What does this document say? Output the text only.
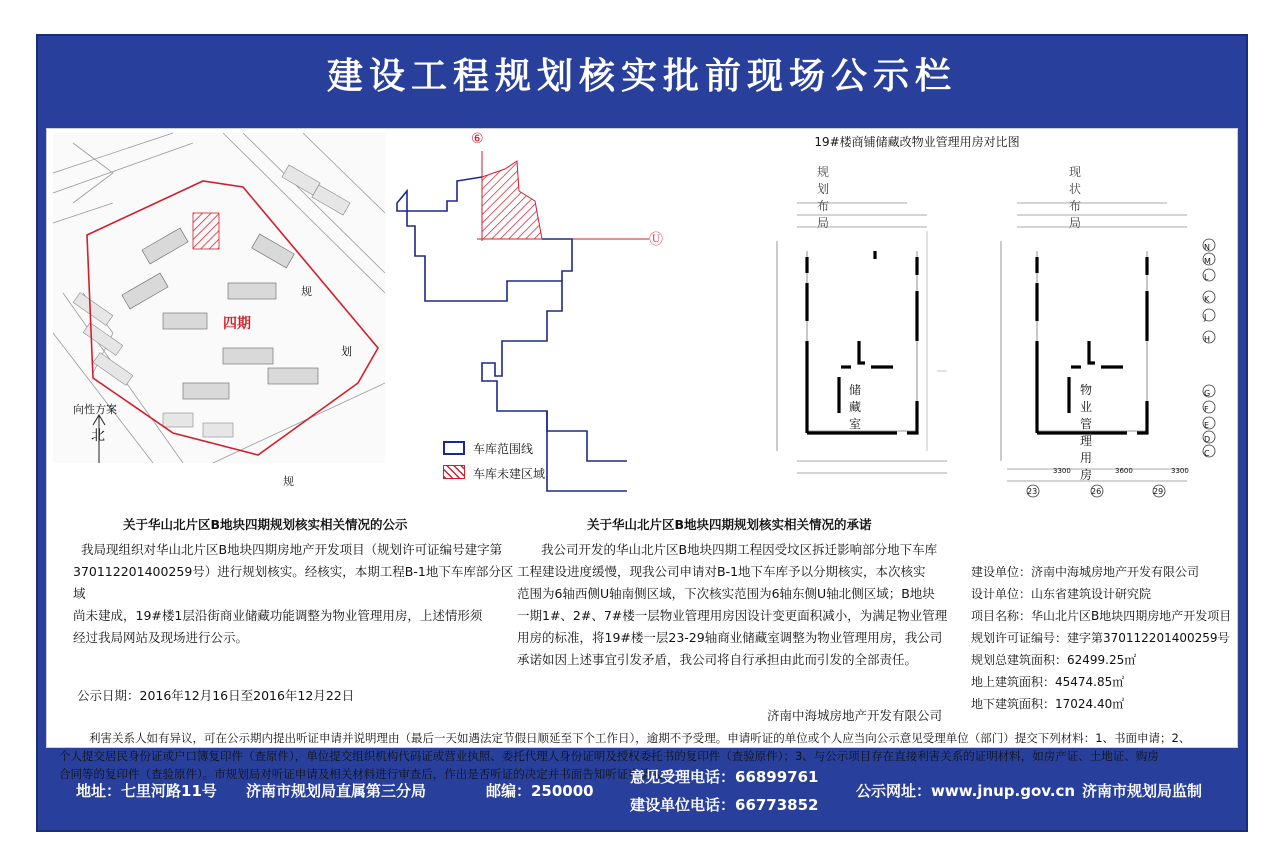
建设工程规划核实批前现场公示栏
四期
向性方案
北
规
划
规
⑥
Ⓤ
车库范围线
车库未建区域
19#楼商铺储藏改物业管理用房对比图
规划布局
储藏室
现状布局
物业管理用房
N
M
L
K
J
H
G
F
E
D
C
23	26	29
3300	3600	3300
关于华山北片区B地块四期规划核实相关情况的公示
我局现组织对华山北片区B地块四期房地产开发项目（规划许可证编号建字第
370112201400259号）进行规划核实。经核实，本期工程B-1地下车库部分区域
尚未建成，19#楼1层沿街商业储藏功能调整为物业管理用房，上述情形须
经过我局网站及现场进行公示。
公示日期：2016年12月16日至2016年12月22日
关于华山北片区B地块四期规划核实相关情况的承诺
我公司开发的华山北片区B地块四期工程因受坟区拆迁影响部分地下车库
工程建设进度缓慢，现我公司申请对B-1地下车库予以分期核实，本次核实
范围为6轴西侧U轴南侧区域，下次核实范围为6轴东侧U轴北侧区域；B地块
一期1#、2#、7#楼一层物业管理用房因设计变更面积减小，为满足物业管理
用房的标准，将19#楼一层23-29轴商业储藏室调整为物业管理用房，我公司
承诺如因上述事宜引发矛盾，我公司将自行承担由此而引发的全部责任。
济南中海城房地产开发有限公司
建设单位：济南中海城房地产开发有限公司
设计单位：山东省建筑设计研究院
项目名称：华山北片区B地块四期房地产开发项目
规划许可证编号：建字第370112201400259号
规划总建筑面积：62499.25㎡
地上建筑面积：45474.85㎡
地下建筑面积：17024.40㎡
利害关系人如有异议，可在公示期内提出听证申请并说明理由（最后一天如遇法定节假日顺延至下个工作日），逾期不予受理。申请听证的单位或个人应当向公示意见受理单位（部门）提交下列材料：1、书面申请；2、
个人提交居民身份证或户口簿复印件（查原件），单位提交组织机构代码证或营业执照、委托代理人身份证明及授权委托书的复印件（查验原件）；3、与公示项目存在直接利害关系的证明材料，如房产证、土地证、购房
合同等的复印件（查验原件）。市规划局对听证申请及相关材料进行审查后，作出是否听证的决定并书面告知听证申请人。
地址：七里河路11号 济南市规划局直属第三分局	邮编：250000
意见受理电话：66899761
建设单位电话：66773852
公示网址：www.jnup.gov.cn 济南市规划局监制
